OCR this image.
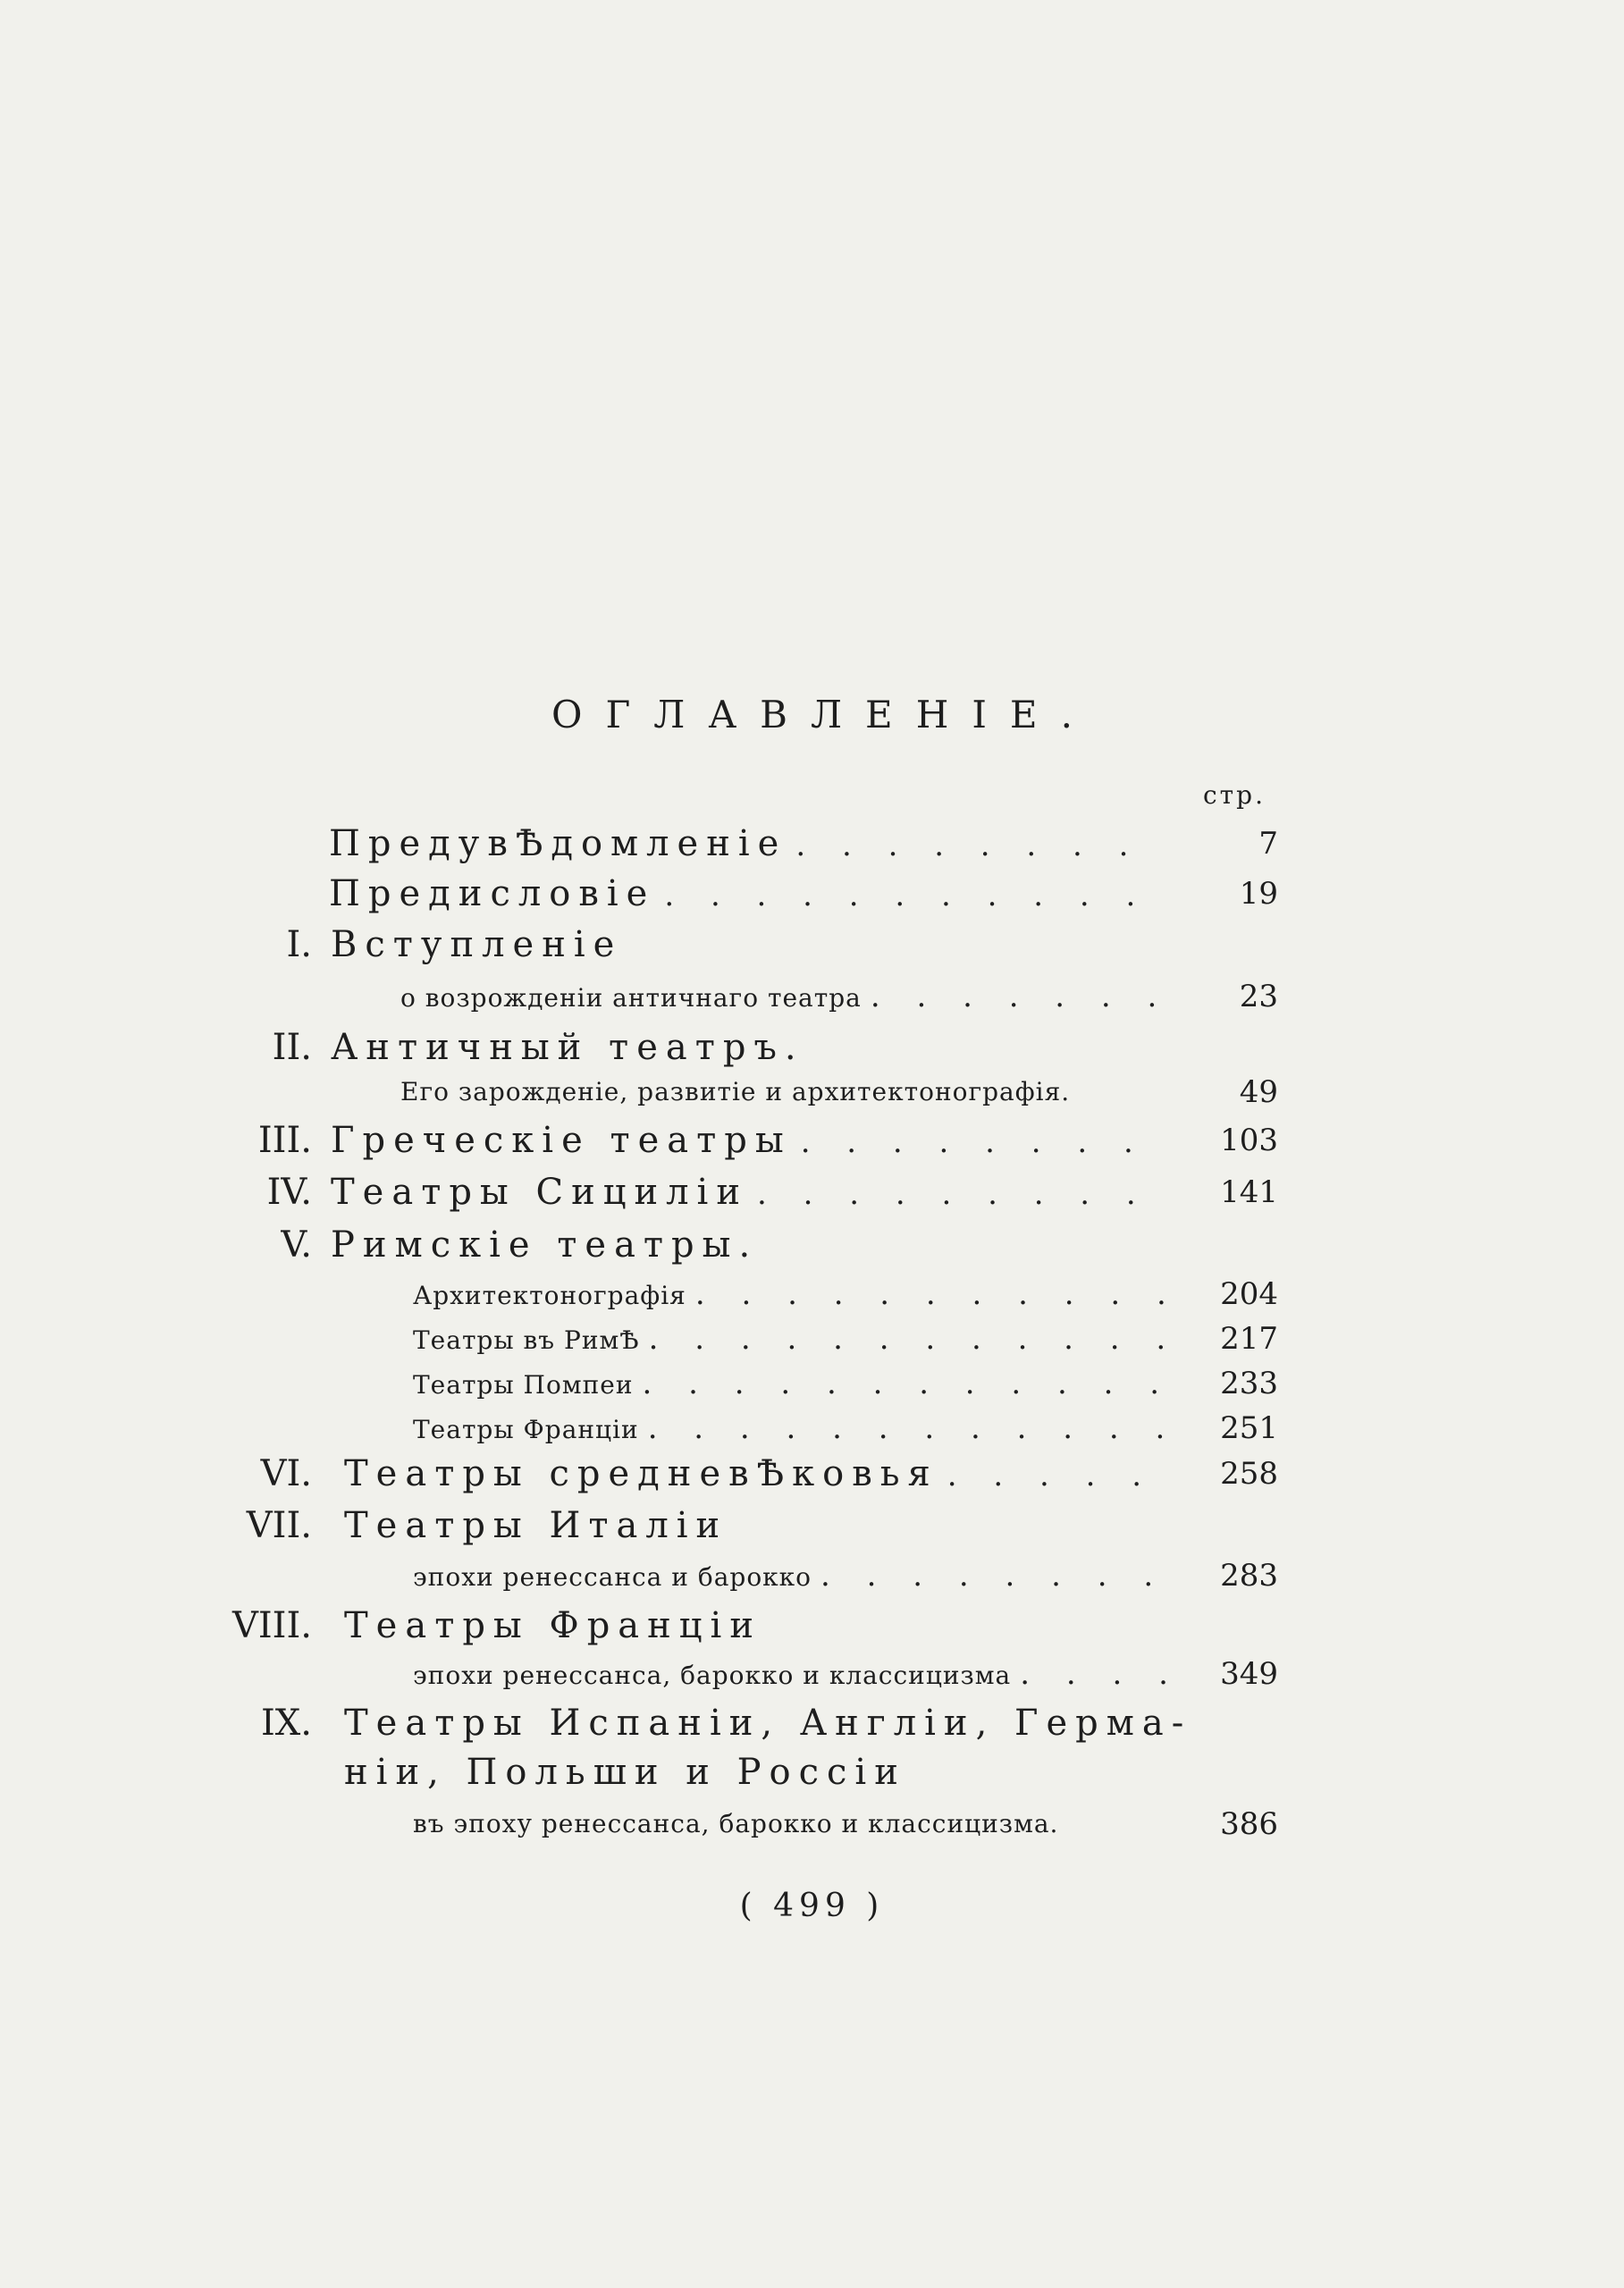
ОГЛАВЛЕНІЕ.
стр.
ПредувѢдомленіе . . .	7
Предисловіе . . .	19
I. Вступленіе
о возрожденіи античнаго театра . . .	23
II. Античный театръ.
Его зарожденіе, развитіе и архитектонографія.	49
III. Греческіе театры . . .	103
IV. Театры Сициліи . . .	141
V. Римскіе театры.
Архитектонографія . . .	204
Театры въ РимѢ . . .	217
Театры Помпеи . . .	233
Театры Франціи . . .	251
VI. Театры средневѢковья . . .	258
VII. Театры Италіи
эпохи ренессанса и барокко . . .	283
VIII. Театры Франціи
эпохи ренессанса, барокко и классицизма . . .	349
IX. Театры Испаніи, Англіи, Герма-
ніи, Польши и Россіи
въ эпоху ренессанса, барокко и классицизма.	386
( 499 )
